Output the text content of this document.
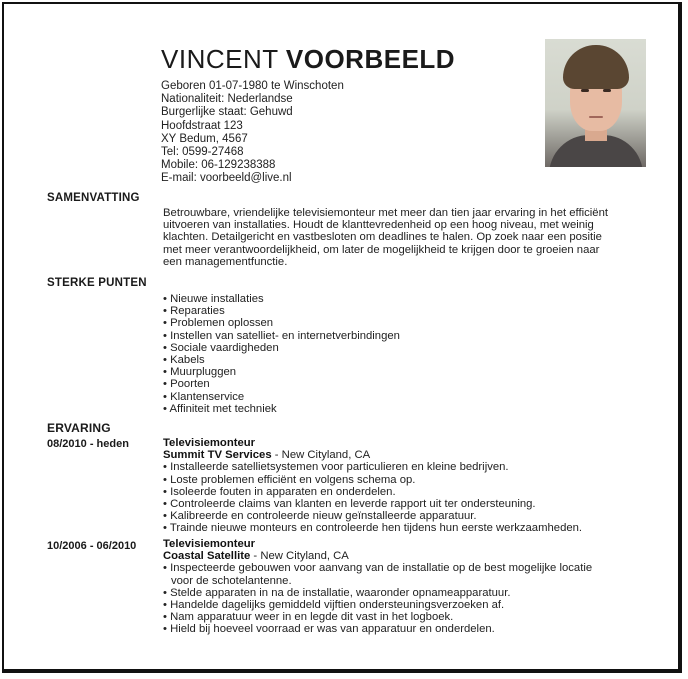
VINCENT VOORBEELD
Geboren 01-07-1980 te Winschoten
Nationaliteit: Nederlandse
Burgerlijke staat: Gehuwd
Hoofdstraat 123
XY Bedum, 4567
Tel: 0599-27468
Mobile: 06-129238388
E-mail: voorbeeld@live.nl
SAMENVATTING
Betrouwbare, vriendelijke televisiemonteur met meer dan tien jaar ervaring in het efficiënt
uitvoeren van installaties. Houdt de klanttevredenheid op een hoog niveau, met weinig
klachten. Detailgericht en vastbesloten om deadlines te halen. Op zoek naar een positie
met meer verantwoordelijkheid, om later de mogelijkheid te krijgen door te groeien naar
een managementfunctie.
STERKE PUNTEN
• Nieuwe installaties
• Reparaties
• Problemen oplossen
• Instellen van satelliet- en internetverbindingen
• Sociale vaardigheden
• Kabels
• Muurpluggen
• Poorten
• Klantenservice
• Affiniteit met techniek
ERVARING
08/2010 - heden	Televisiemonteur
Summit TV Services - New Cityland, CA
• Installeerde satellietsystemen voor particulieren en kleine bedrijven.
• Loste problemen efficiënt en volgens schema op.
• Isoleerde fouten in apparaten en onderdelen.
• Controleerde claims van klanten en leverde rapport uit ter ondersteuning.
• Kalibreerde en controleerde nieuw geïnstalleerde apparatuur.
• Trainde nieuwe monteurs en controleerde hen tijdens hun eerste werkzaamheden.
10/2006 - 06/2010 Televisiemonteur
Coastal Satellite - New Cityland, CA
• Inspecteerde gebouwen voor aanvang van de installatie op de best mogelijke locatie
voor de schotelantenne.
• Stelde apparaten in na de installatie, waaronder opnameapparatuur.
• Handelde dagelijks gemiddeld vijftien ondersteuningsverzoeken af.
• Nam apparatuur weer in en legde dit vast in het logboek.
• Hield bij hoeveel voorraad er was van apparatuur en onderdelen.
